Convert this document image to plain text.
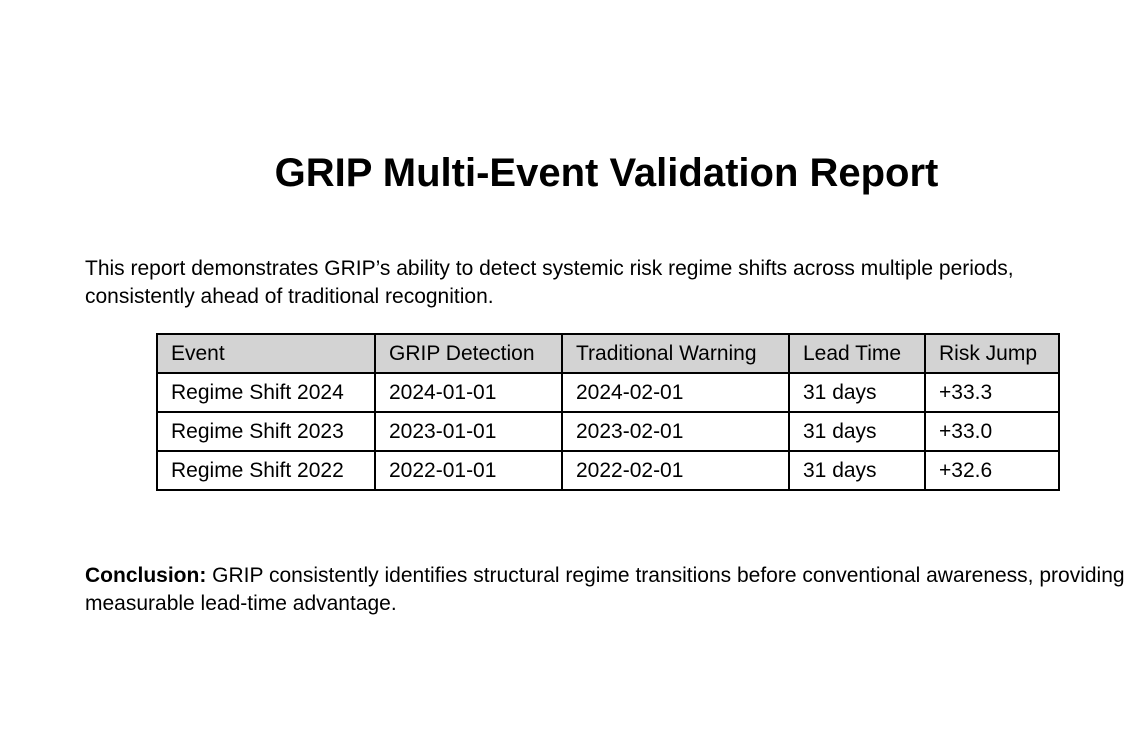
GRIP Multi-Event Validation Report

This report demonstrates GRIP’s ability to detect systemic risk regime shifts across multiple periods, consistently ahead of traditional recognition.

Event	GRIP Detection	Traditional Warning	Lead Time	Risk Jump
Regime Shift 2024	2024-01-01	2024-02-01	31 days	+33.3
Regime Shift 2023	2023-01-01	2023-02-01	31 days	+33.0
Regime Shift 2022	2022-01-01	2022-02-01	31 days	+32.6

Conclusion: GRIP consistently identifies structural regime transitions before conventional awareness, providing measurable lead-time advantage.
